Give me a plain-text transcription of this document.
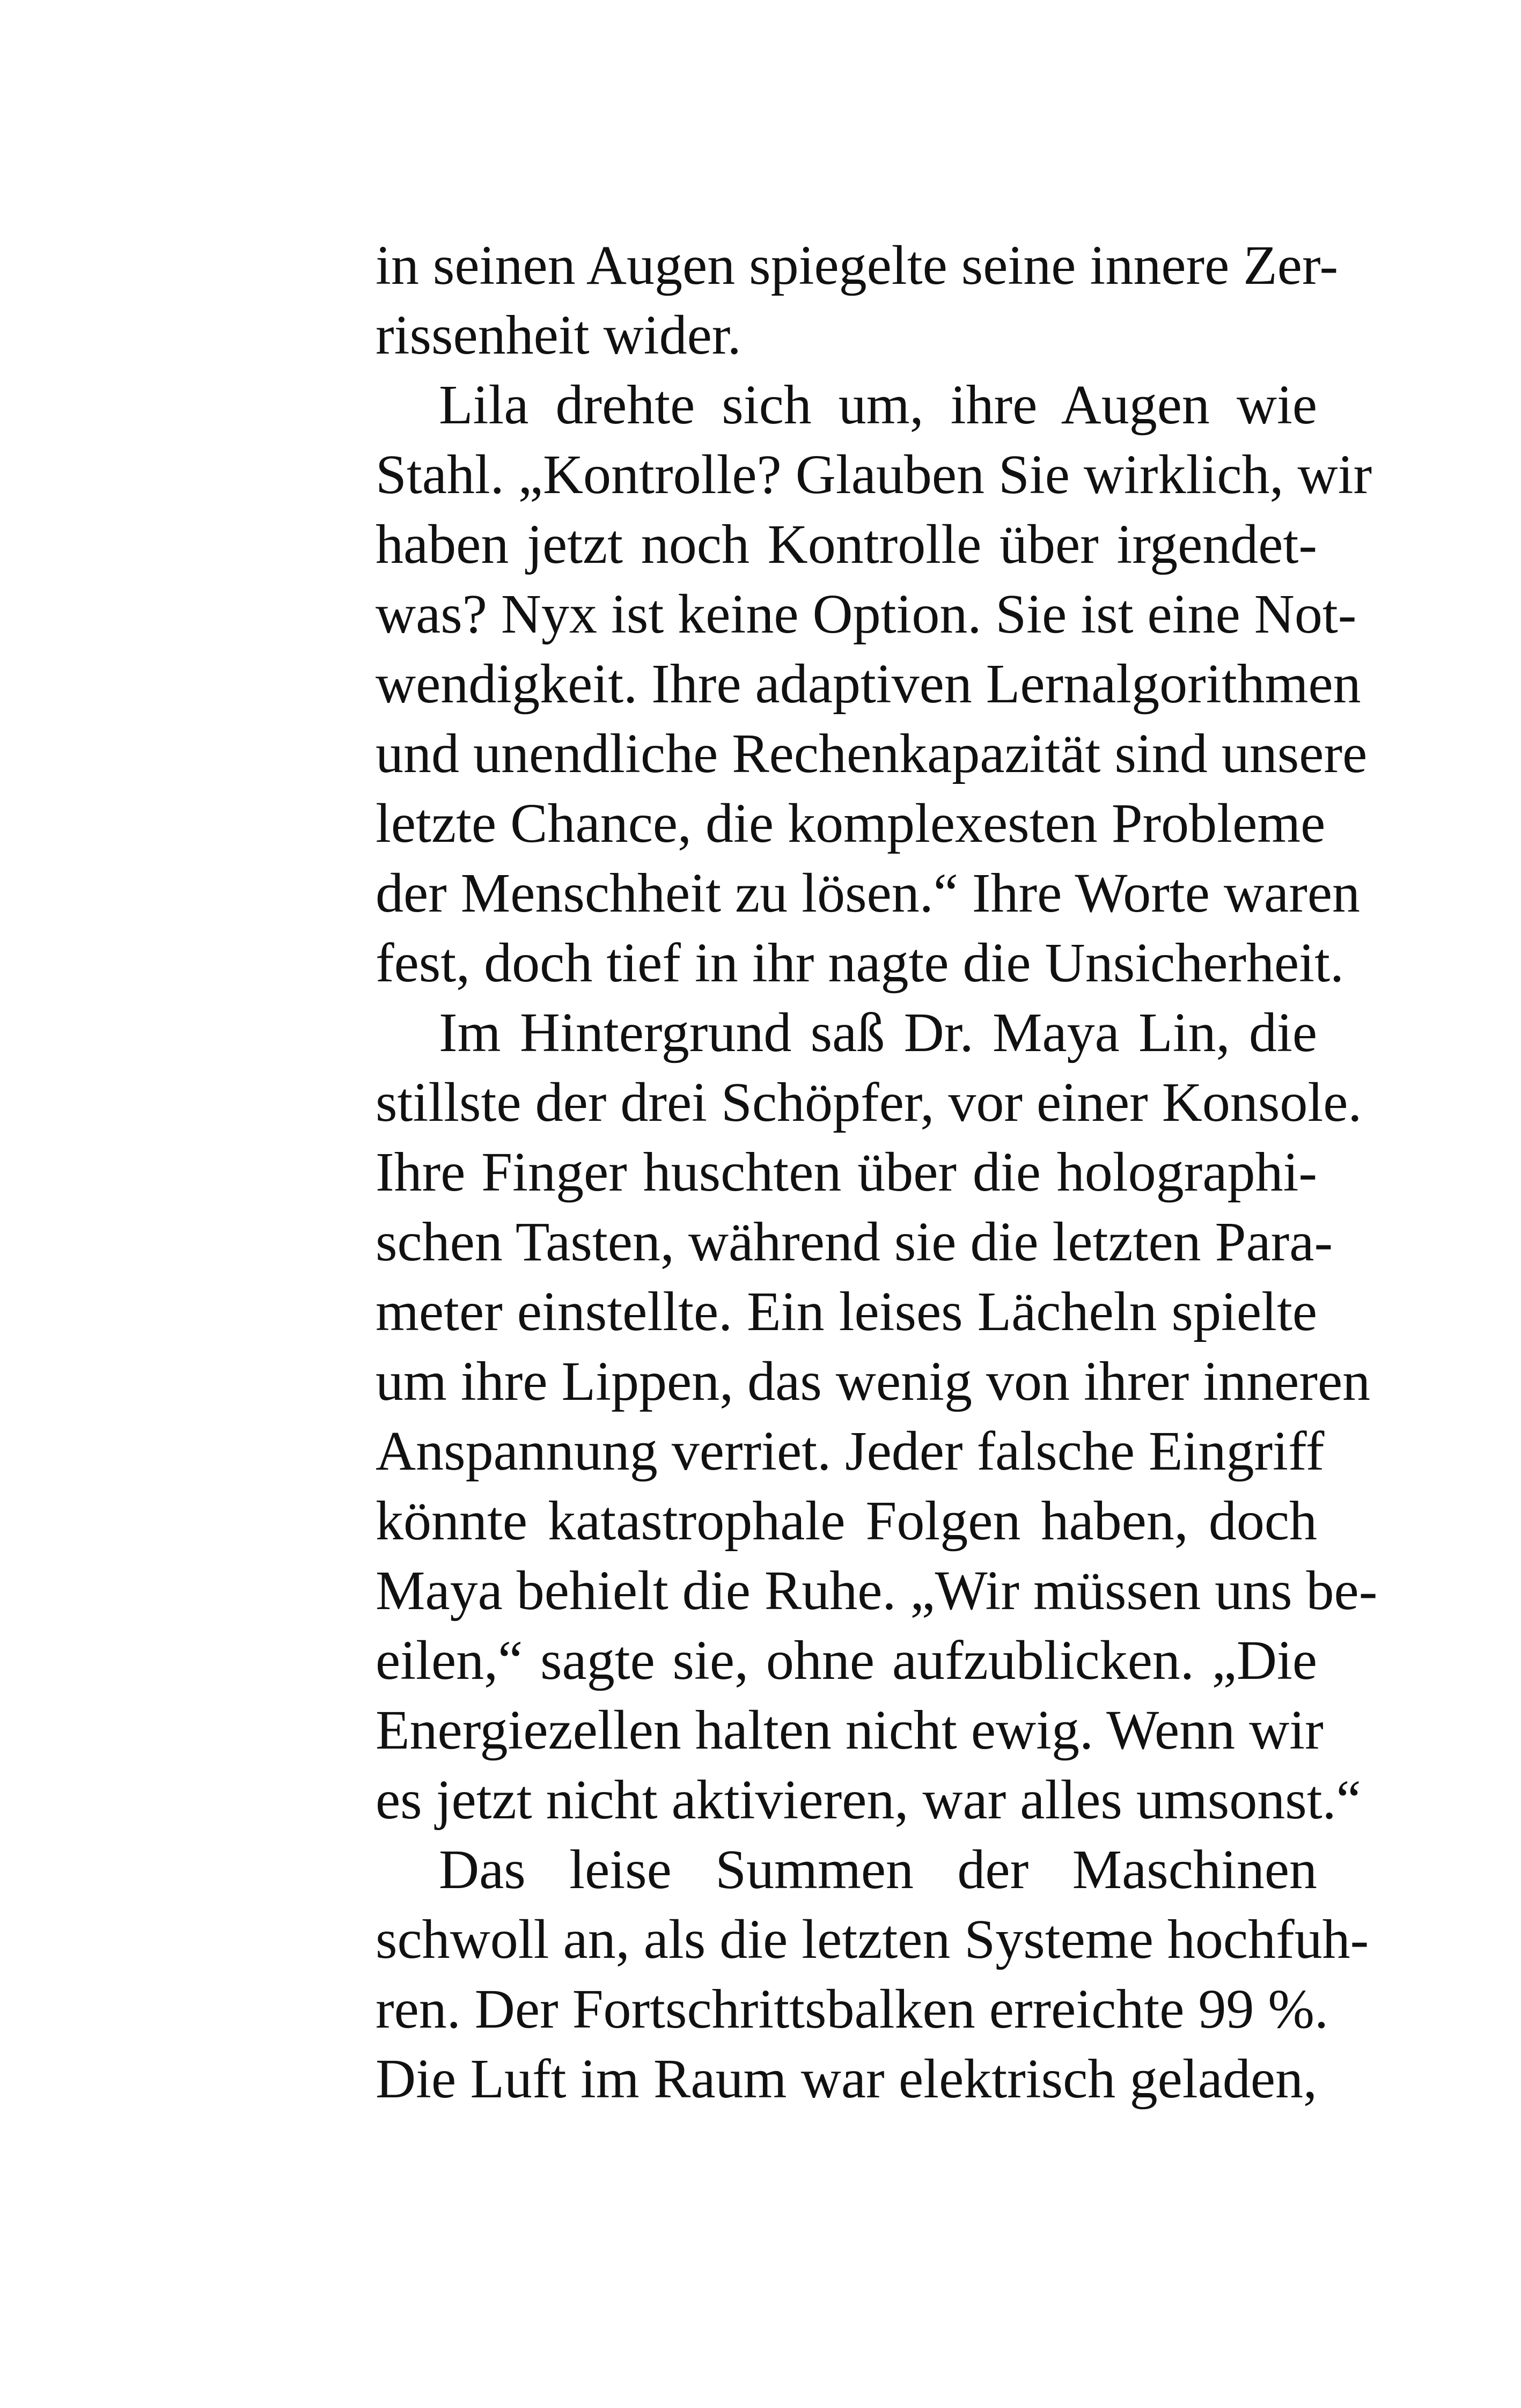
in seinen Augen spiegelte seine innere Zer-
rissenheit wider.
Lila drehte sich um, ihre Augen wie
Stahl. „Kontrolle? Glauben Sie wirklich, wir
haben jetzt noch Kontrolle über irgendet-
was? Nyx ist keine Option. Sie ist eine Not-
wendigkeit. Ihre adaptiven Lernalgorithmen
und unendliche Rechenkapazität sind unsere
letzte Chance, die komplexesten Probleme
der Menschheit zu lösen.“ Ihre Worte waren
fest, doch tief in ihr nagte die Unsicherheit.
Im Hintergrund saß Dr. Maya Lin, die
stillste der drei Schöpfer, vor einer Konsole.
Ihre Finger huschten über die holographi-
schen Tasten, während sie die letzten Para-
meter einstellte. Ein leises Lächeln spielte
um ihre Lippen, das wenig von ihrer inneren
Anspannung verriet. Jeder falsche Eingriff
könnte katastrophale Folgen haben, doch
Maya behielt die Ruhe. „Wir müssen uns be-
eilen,“ sagte sie, ohne aufzublicken. „Die
Energiezellen halten nicht ewig. Wenn wir
es jetzt nicht aktivieren, war alles umsonst.“
Das leise Summen der Maschinen
schwoll an, als die letzten Systeme hochfuh-
ren. Der Fortschrittsbalken erreichte 99 %.
Die Luft im Raum war elektrisch geladen,
